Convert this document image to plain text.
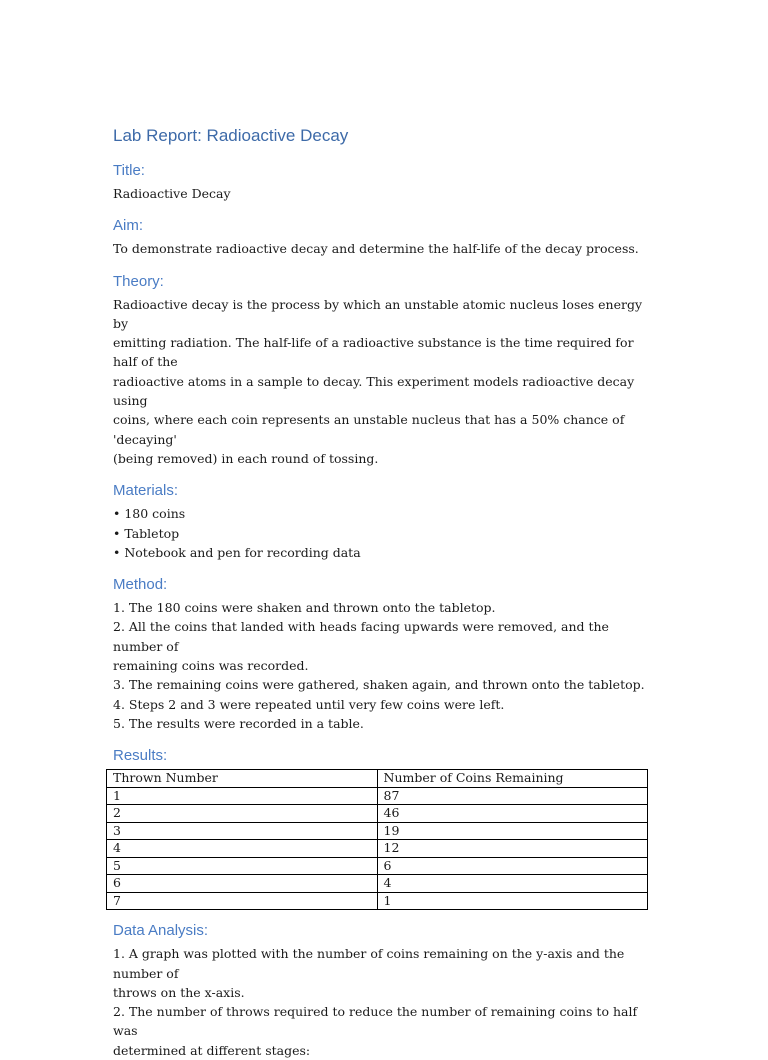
Lab Report: Radioactive Decay
Title:

Radioactive Decay

Aim:

To demonstrate radioactive decay and determine the half-life of the decay process.

Theory:
Radioactive decay is the process by which an unstable atomic nucleus loses energy by
emitting radiation. The half-life of a radioactive substance is the time required for half of the
radioactive atoms in a sample to decay. This experiment models radioactive decay using
coins, where each coin represents an unstable nucleus that has a 50% chance of 'decaying'
(being removed) in each round of tossing.
Materials:
• 180 coins
• Tabletop
• Notebook and pen for recording data
Method:
1. The 180 coins were shaken and thrown onto the tabletop.
2. All the coins that landed with heads facing upwards were removed, and the number of
remaining coins was recorded.
3. The remaining coins were gathered, shaken again, and thrown onto the tabletop.
4. Steps 2 and 3 were repeated until very few coins were left.
5. The results were recorded in a table.
Results:
Thrown Number	Number of Coins Remaining
1	87
2	46
3	19
4	12
5	6
6	4
7	1
Data Analysis:
1. A graph was plotted with the number of coins remaining on the y-axis and the number of
throws on the x-axis.
2. The number of throws required to reduce the number of remaining coins to half was
determined at different stages:
